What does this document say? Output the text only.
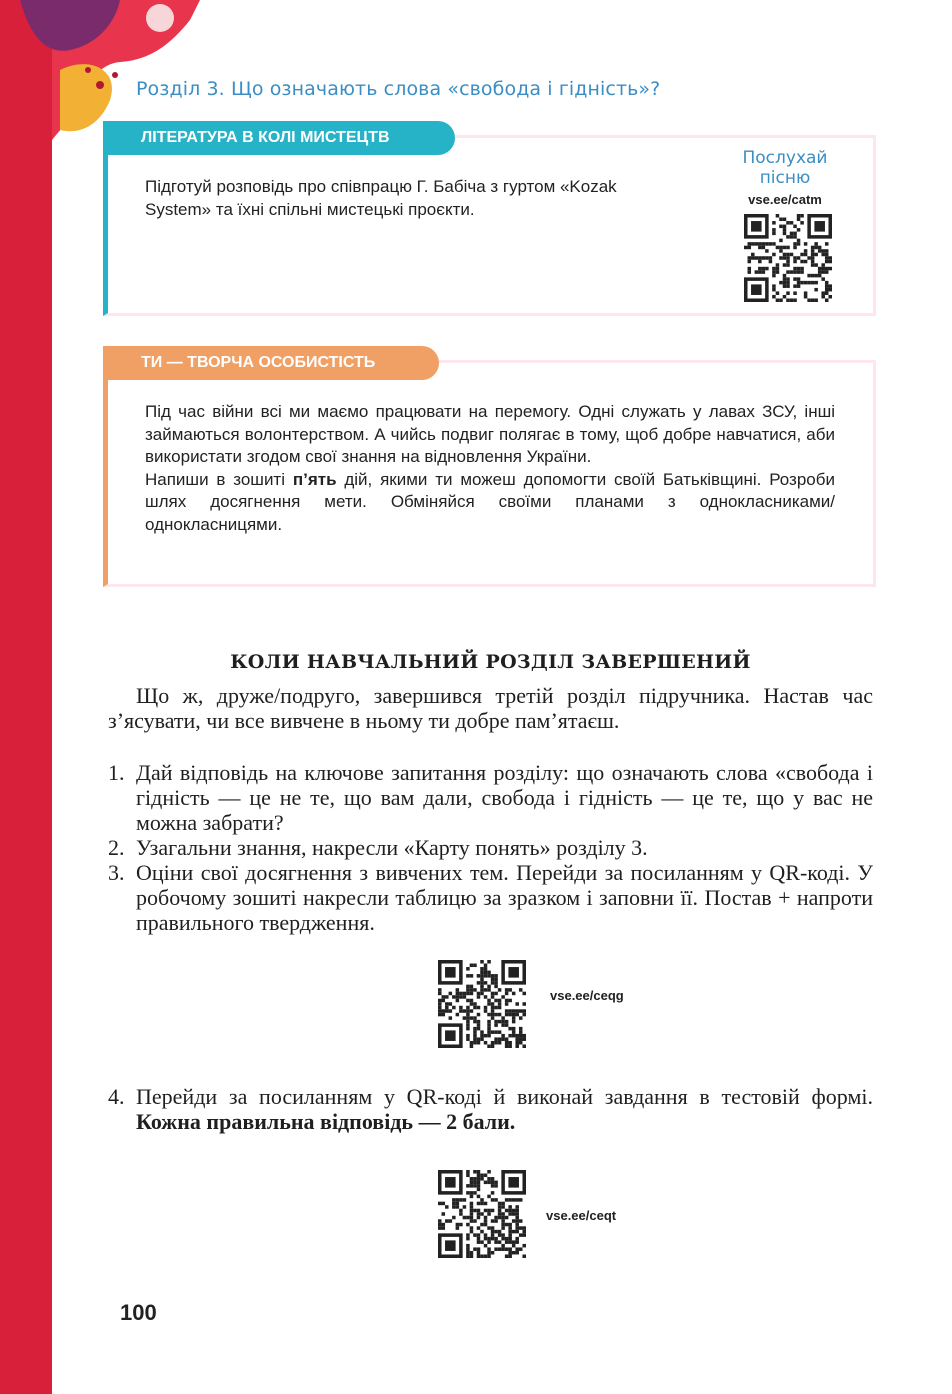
Розділ 3. Що означають слова «свобода і гідність»?
ЛІТЕРАТУРА В КОЛІ МИСТЕЦТВ
Підготуй розповідь про співпрацю Г. Бабіча з гуртом «Kozak System» та їхні спільні мистецькі проєкти.
Послухай пісню
vse.ee/catm
ТИ — ТВОРЧА ОСОБИСТІСТЬ
Під час війни всі ми маємо працювати на перемогу. Одні служать у лавах ЗСУ, інші займаються волонтерством. А чийсь подвиг полягає в тому, щоб добре навчатися, аби використати згодом свої знання на відновлення України.
Напиши в зошиті п’ять дій, якими ти можеш допомогти своїй Батьківщині. Розроби шлях досягнення мети. Обміняйся своїми планами з однокласниками/однокласницями.
КОЛИ НАВЧАЛЬНИЙ РОЗДІЛ ЗАВЕРШЕНИЙ
Що ж, друже/подруго, завершився третій розділ підручника. Настав час з’ясувати, чи все вивчене в ньому ти добре пам’ятаєш.
1. Дай відповідь на ключове запитання розділу: що означають слова «свобода і гідність — це не те, що вам дали, свобода і гідність — це те, що у вас не можна забрати?
2. Узагальни знання, накресли «Карту понять» розділу 3.
3. Оціни свої досягнення з вивчених тем. Перейди за посиланням у QR-коді. У робочому зошиті накресли таблицю за зразком і заповни її. Постав + напроти правильного твердження.
vse.ee/ceqg
4. Перейди за посиланням у QR-коді й виконай завдання в тестовій формі. Кожна правильна відповідь — 2 бали.
vse.ee/ceqt
100
